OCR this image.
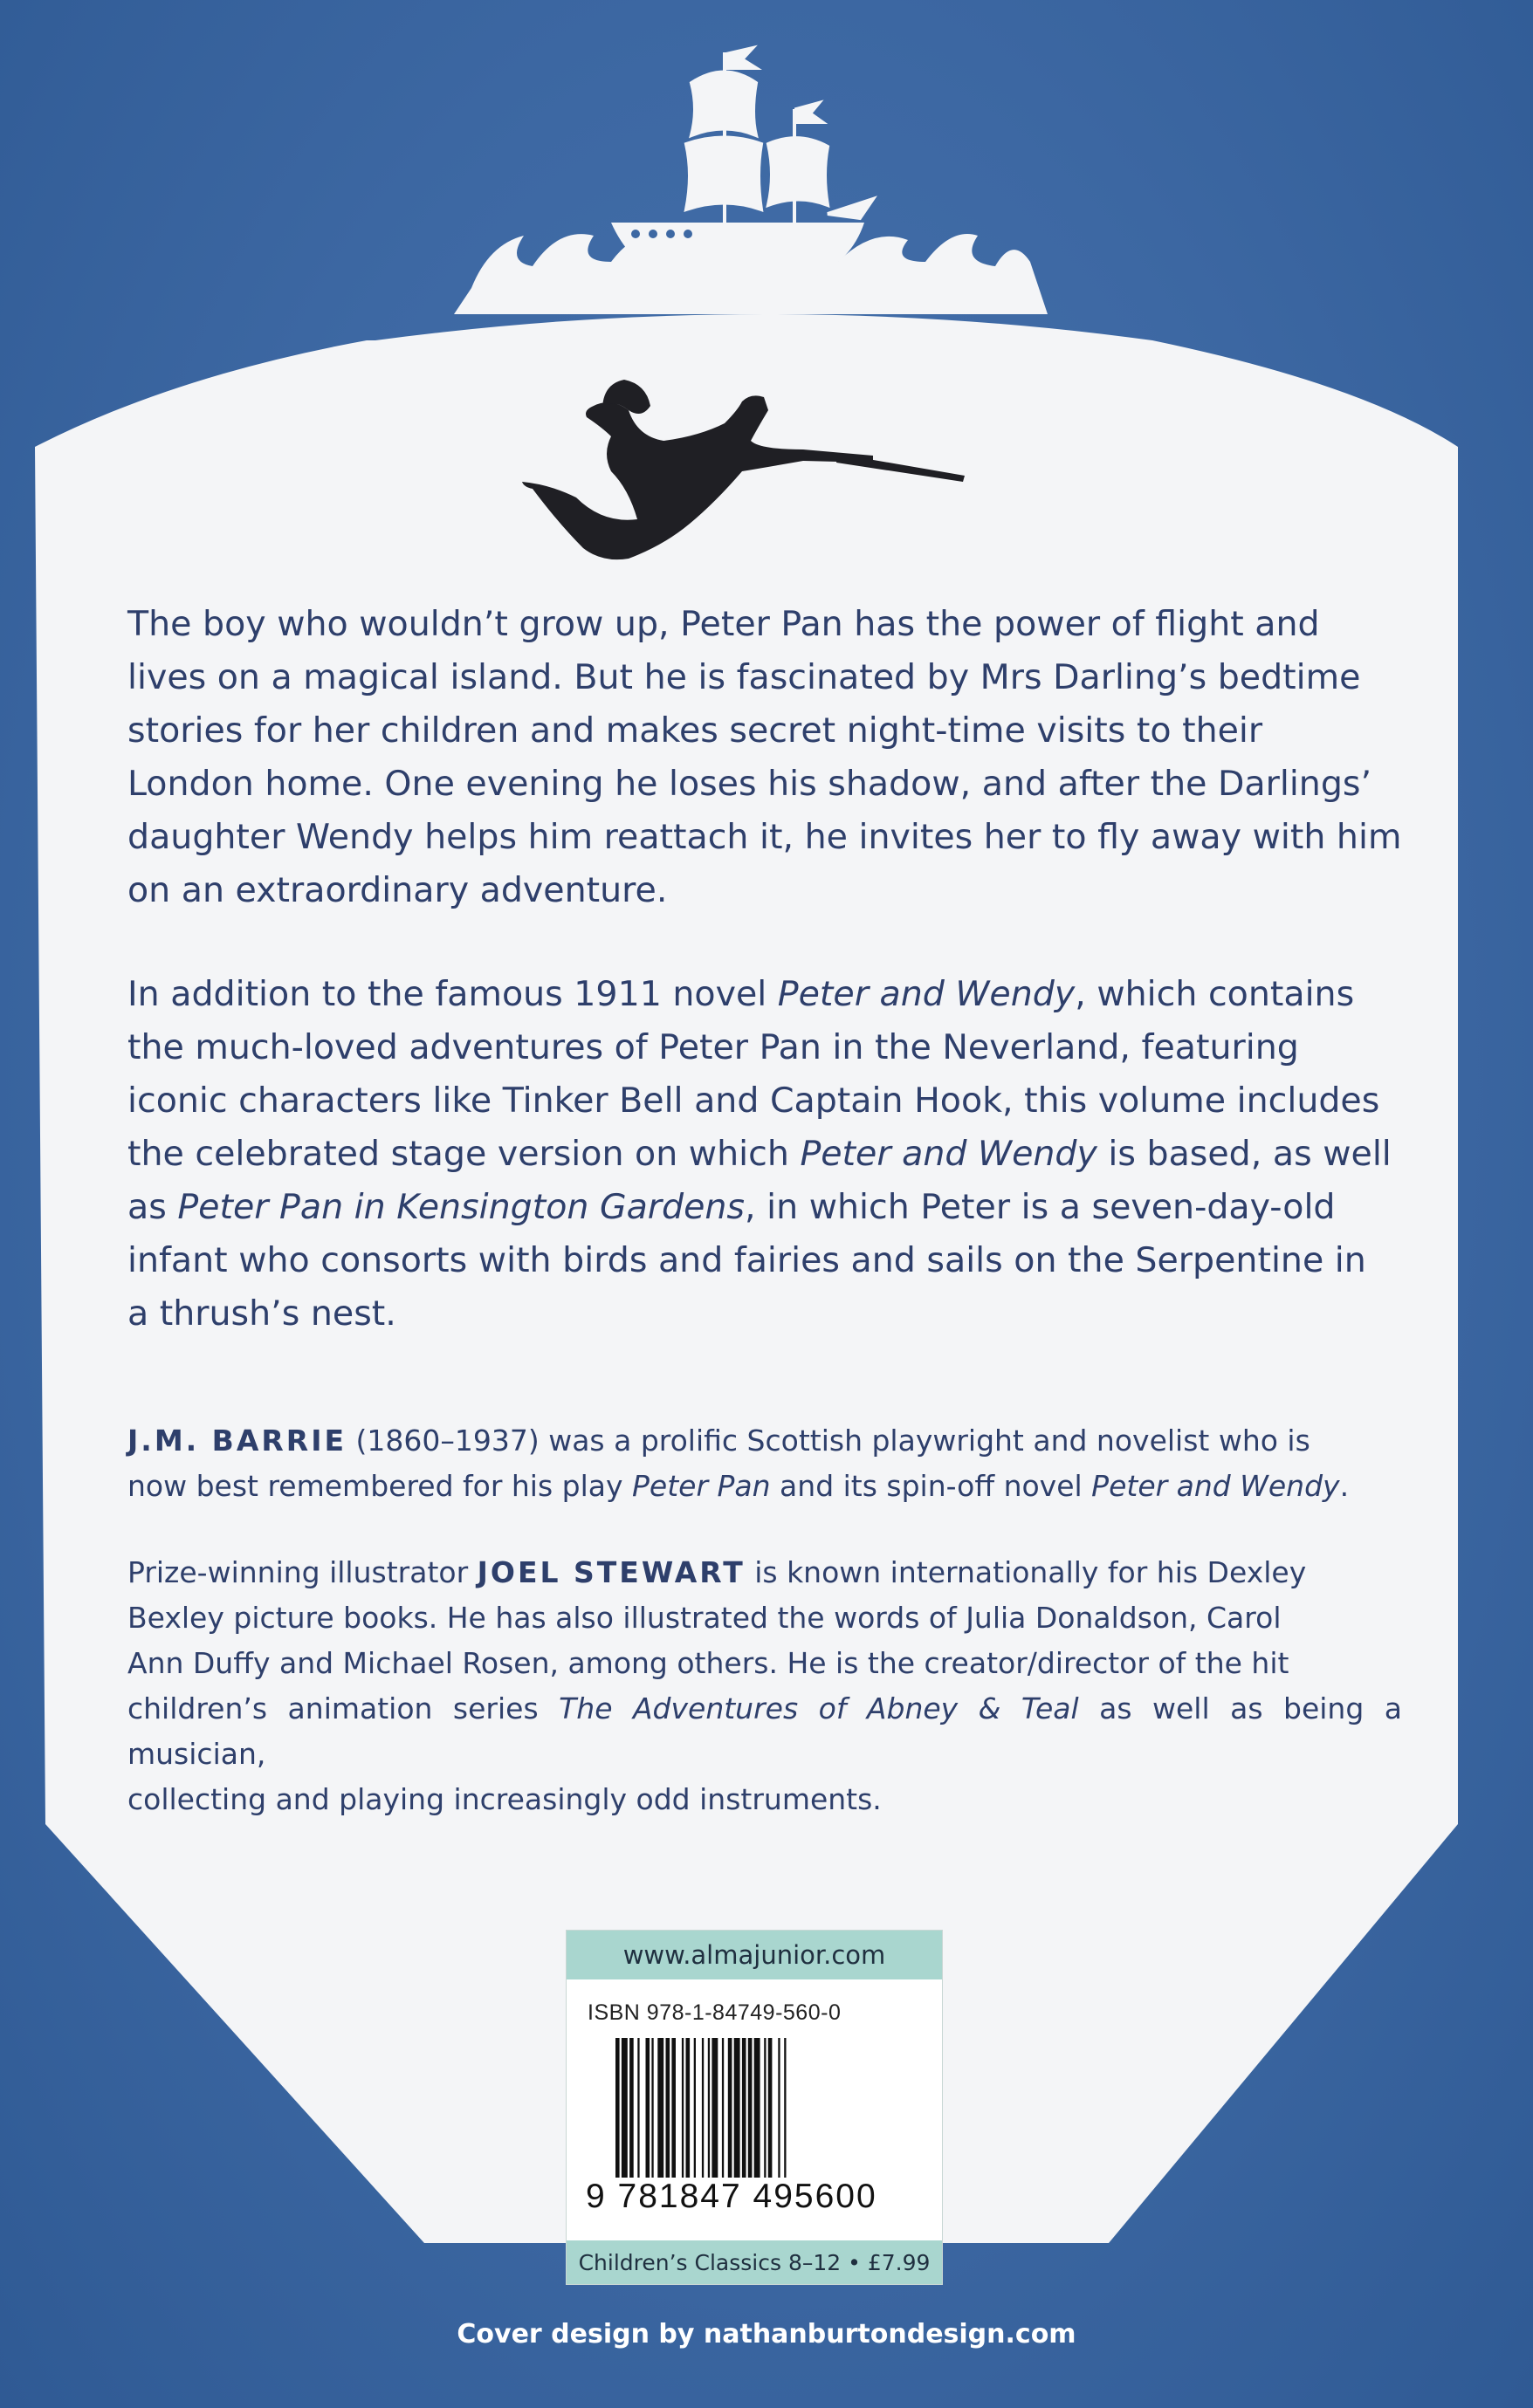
The boy who wouldn’t grow up, Peter Pan has the power of flight and
lives on a magical island. But he is fascinated by Mrs Darling’s bedtime
stories for her children and makes secret night-time visits to their
London home. One evening he loses his shadow, and after the Darlings’
daughter Wendy helps him reattach it, he invites her to fly away with him
on an extraordinary adventure.

In addition to the famous 1911 novel Peter and Wendy, which contains
the much-loved adventures of Peter Pan in the Neverland, featuring
iconic characters like Tinker Bell and Captain Hook, this volume includes
the celebrated stage version on which Peter and Wendy is based, as well
as Peter Pan in Kensington Gardens, in which Peter is a seven-day-old
infant who consorts with birds and fairies and sails on the Serpentine in
a thrush’s nest.

J.M. BARRIE (1860–1937) was a prolific Scottish playwright and novelist who is
now best remembered for his play Peter Pan and its spin-off novel Peter and Wendy.

Prize-winning illustrator JOEL STEWART is known internationally for his Dexley
Bexley picture books. He has also illustrated the words of Julia Donaldson, Carol
Ann Duffy and Michael Rosen, among others. He is the creator/director of the hit
children’s animation series The Adventures of Abney & Teal as well as being a musician,
collecting and playing increasingly odd instruments.

www.almajunior.com
ISBN 978-1-84749-560-0
9 781847 495600
Children’s Classics 8–12 • £7.99
Cover design by nathanburtondesign.com
